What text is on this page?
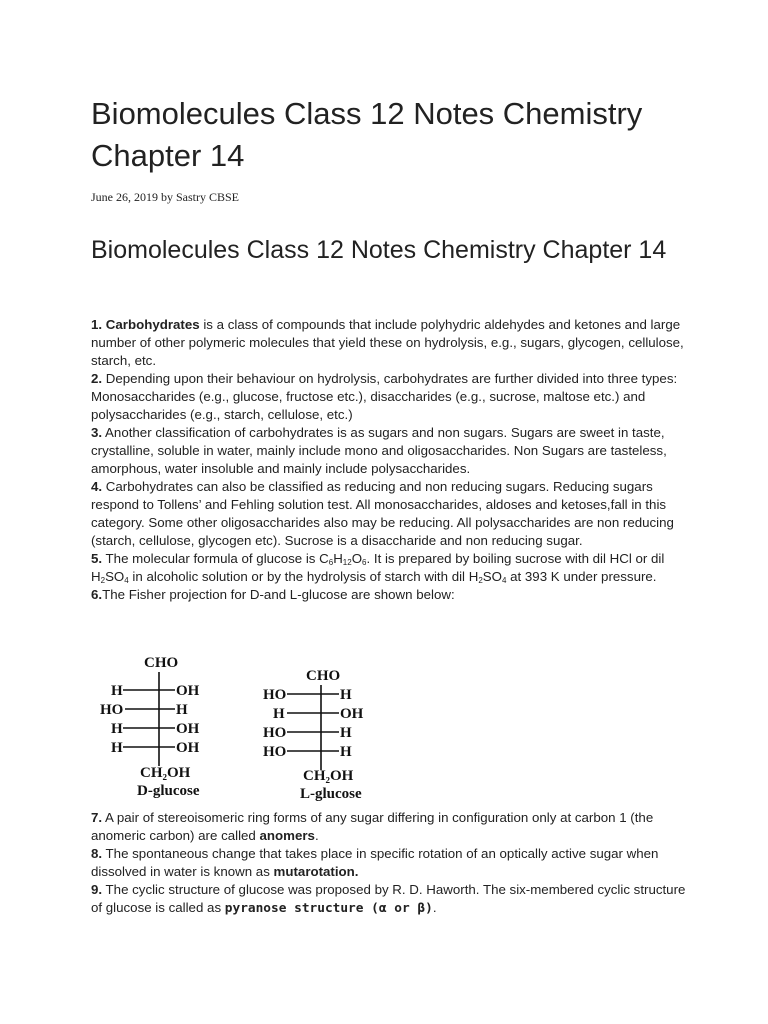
Biomolecules Class 12 Notes Chemistry Chapter 14
June 26, 2019 by Sastry CBSE
Biomolecules Class 12 Notes Chemistry Chapter 14

1. Carbohydrates is a class of compounds that include polyhydric aldehydes and ketones and large number of other polymeric molecules that yield these on hydrolysis, e.g., sugars, glycogen, cellulose, starch, etc.

2. Depending upon their behaviour on hydrolysis, carbohydrates are further divided into three types: Monosaccharides (e.g., glucose, fructose etc.), disaccharides (e.g., sucrose, maltose etc.) and polysaccharides (e.g., starch, cellulose, etc.)

3. Another classification of carbohydrates is as sugars and non sugars. Sugars are sweet in taste, crystalline, soluble in water, mainly include mono and oligosaccharides. Non Sugars are tasteless, amorphous, water insoluble and mainly include polysaccharides.

4. Carbohydrates can also be classified as reducing and non reducing sugars. Reducing sugars respond to Tollens’ and Fehling solution test. All monosaccharides, aldoses and ketoses,fall in this category. Some other oligosaccharides also may be reducing. All polysaccharides are non reducing (starch, cellulose, glycogen etc). Sucrose is a disaccharide and non reducing sugar.

5. The molecular formula of glucose is $C_6H_{12}O_6$. It is prepared by boiling sucrose with dil HCl or dil $H_2SO_4$ in alcoholic solution or by the hydrolysis of starch with dil $H_2SO_4$ at 393 K under pressure.

6.The Fisher projection for D-and L-glucose are shown below:

CHO
H	OH
HO	H
H	OH
H	OH
CH₂OH
D-glucose
CHO
HO	H
H	OH
HO	H
HO	H
CH₂OH
L-glucose

7. A pair of stereoisomeric ring forms of any sugar differing in configuration only at carbon 1 (the anomeric carbon) are called anomers.

8. The spontaneous change that takes place in specific rotation of an optically active sugar when dissolved in water is known as mutarotation.

9. The cyclic structure of glucose was proposed by R. D. Haworth. The six-membered cyclic structure of glucose is called as pyranose structure (α or β).
